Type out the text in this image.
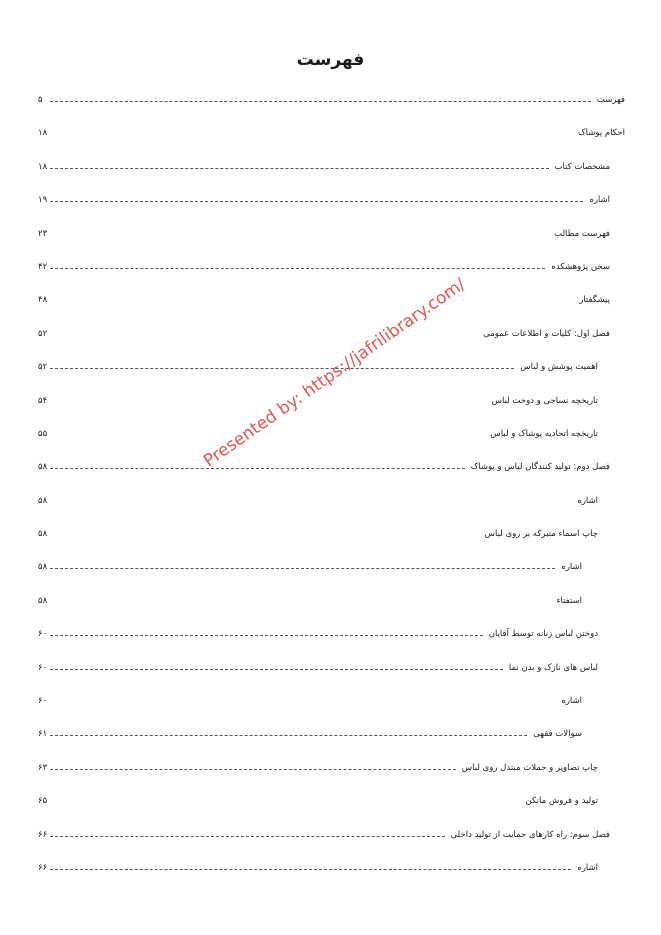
فهرست
فهرست
۵
احکام پوشاک
۱۸
مشخصات کتاب
۱۸
اشاره
۱۹
فهرست مطالب
۲۳
سخن پژوهشکده
۴۲
پیشگفتار
۴۸
فصل اول: کلیات و اطلاعات عمومی
۵۲
اهمیت پوشش و لباس
۵۲
تاریخچه نساجی و دوخت لباس
۵۴
تاریخچه اتحادیه پوشاک و لباس
۵۵
فصل دوم: تولید کنندگان لباس و پوشاک
۵۸
اشاره
۵۸
چاپ اسماء متبرکه بر روی لباس
۵۸
اشاره
۵۸
استفتاء
۵۸
دوختن لباس زنانه توسط آقایان
۶۰
لباس های نازک و بدن نما
۶۰
اشاره
۶۰
سوالات فقهی
۶۱
چاپ تصاویر و جملات مبتذل روی لباس
۶۳
تولید و فروش مانکن
۶۵
فصل سوم: راه کارهای حمایت از تولید داخلی
۶۶
اشاره
۶۶
Presented by: https://jafrilibrary.com/
